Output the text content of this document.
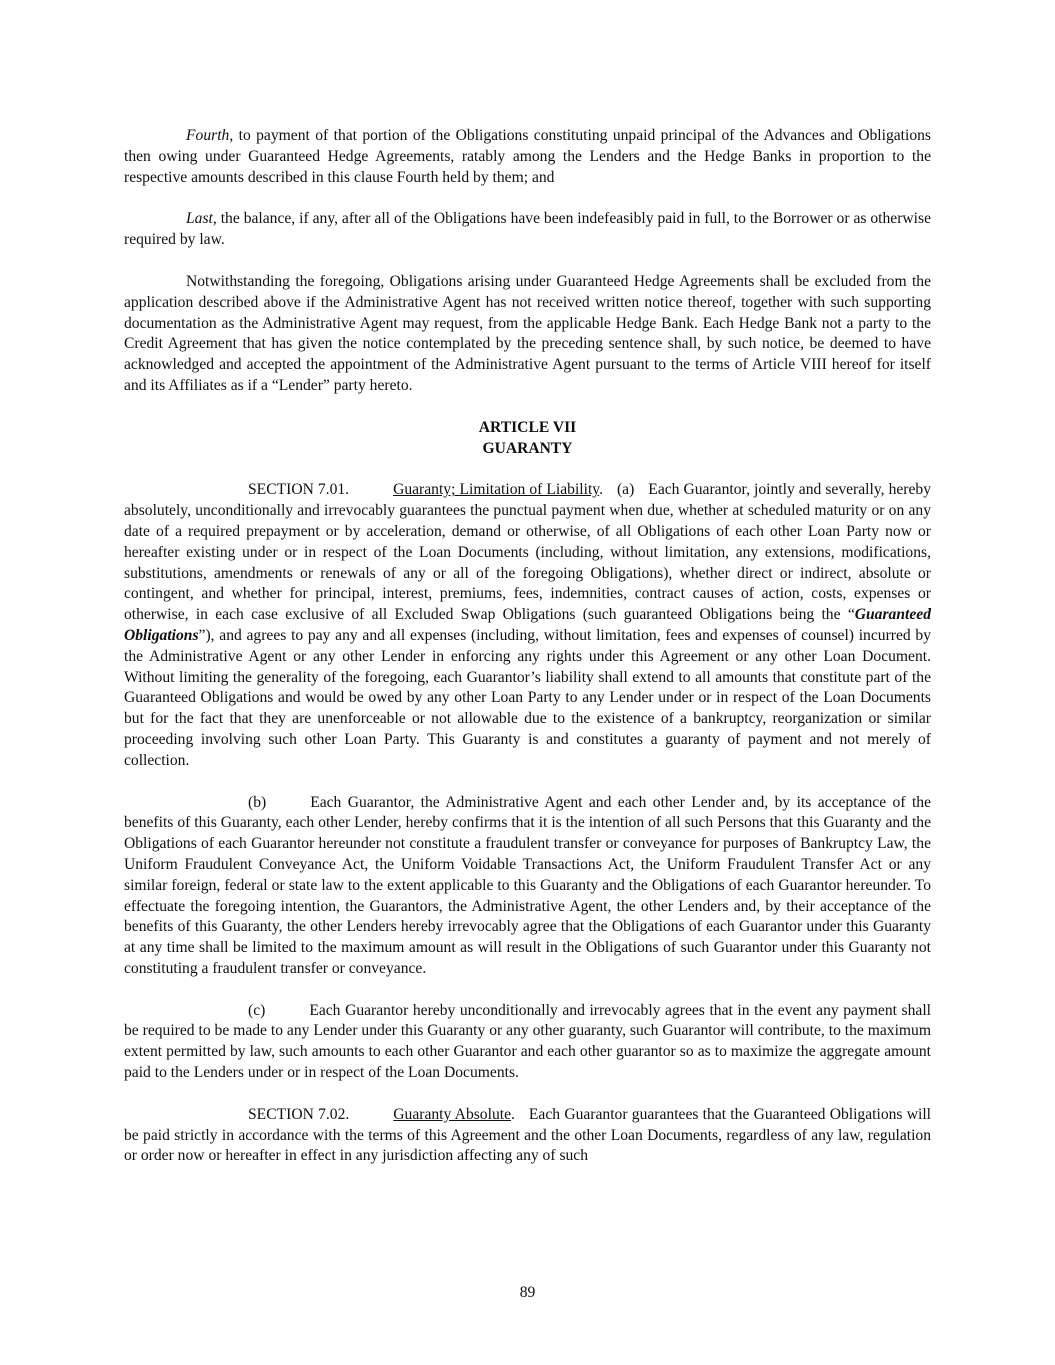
Fourth, to payment of that portion of the Obligations constituting unpaid principal of the Advances and Obligations then owing under Guaranteed Hedge Agreements, ratably among the Lenders and the Hedge Banks in proportion to the respective amounts described in this clause Fourth held by them; and

Last, the balance, if any, after all of the Obligations have been indefeasibly paid in full, to the Borrower or as otherwise required by law.

Notwithstanding the foregoing, Obligations arising under Guaranteed Hedge Agreements shall be excluded from the application described above if the Administrative Agent has not received written notice thereof, together with such supporting documentation as the Administrative Agent may request, from the applicable Hedge Bank. Each Hedge Bank not a party to the Credit Agreement that has given the notice contemplated by the preceding sentence shall, by such notice, be deemed to have acknowledged and accepted the appointment of the Administrative Agent pursuant to the terms of Article VIII hereof for itself and its Affiliates as if a “Lender” party hereto.

ARTICLE VII
GUARANTY

SECTION 7.01.	Guaranty; Limitation of Liability. (a) Each Guarantor, jointly and severally, hereby absolutely, unconditionally and irrevocably guarantees the punctual payment when due, whether at scheduled maturity or on any date of a required prepayment or by acceleration, demand or otherwise, of all Obligations of each other Loan Party now or hereafter existing under or in respect of the Loan Documents (including, without limitation, any extensions, modifications, substitutions, amendments or renewals of any or all of the foregoing Obligations), whether direct or indirect, absolute or contingent, and whether for principal, interest, premiums, fees, indemnities, contract causes of action, costs, expenses or otherwise, in each case exclusive of all Excluded Swap Obligations (such guaranteed Obligations being the “Guaranteed Obligations”), and agrees to pay any and all expenses (including, without limitation, fees and expenses of counsel) incurred by the Administrative Agent or any other Lender in enforcing any rights under this Agreement or any other Loan Document. Without limiting the generality of the foregoing, each Guarantor’s liability shall extend to all amounts that constitute part of the Guaranteed Obligations and would be owed by any other Loan Party to any Lender under or in respect of the Loan Documents but for the fact that they are unenforceable or not allowable due to the existence of a bankruptcy, reorganization or similar proceeding involving such other Loan Party. This Guaranty is and constitutes a guaranty of payment and not merely of collection.

(b)	Each Guarantor, the Administrative Agent and each other Lender and, by its acceptance of the benefits of this Guaranty, each other Lender, hereby confirms that it is the intention of all such Persons that this Guaranty and the Obligations of each Guarantor hereunder not constitute a fraudulent transfer or conveyance for purposes of Bankruptcy Law, the Uniform Fraudulent Conveyance Act, the Uniform Voidable Transactions Act, the Uniform Fraudulent Transfer Act or any similar foreign, federal or state law to the extent applicable to this Guaranty and the Obligations of each Guarantor hereunder. To effectuate the foregoing intention, the Guarantors, the Administrative Agent, the other Lenders and, by their acceptance of the benefits of this Guaranty, the other Lenders hereby irrevocably agree that the Obligations of each Guarantor under this Guaranty at any time shall be limited to the maximum amount as will result in the Obligations of such Guarantor under this Guaranty not constituting a fraudulent transfer or conveyance.

(c)	Each Guarantor hereby unconditionally and irrevocably agrees that in the event any payment shall be required to be made to any Lender under this Guaranty or any other guaranty, such Guarantor will contribute, to the maximum extent permitted by law, such amounts to each other Guarantor and each other guarantor so as to maximize the aggregate amount paid to the Lenders under or in respect of the Loan Documents.

SECTION 7.02.	Guaranty Absolute. Each Guarantor guarantees that the Guaranteed Obligations will be paid strictly in accordance with the terms of this Agreement and the other Loan Documents, regardless of any law, regulation or order now or hereafter in effect in any jurisdiction affecting any of such

89
